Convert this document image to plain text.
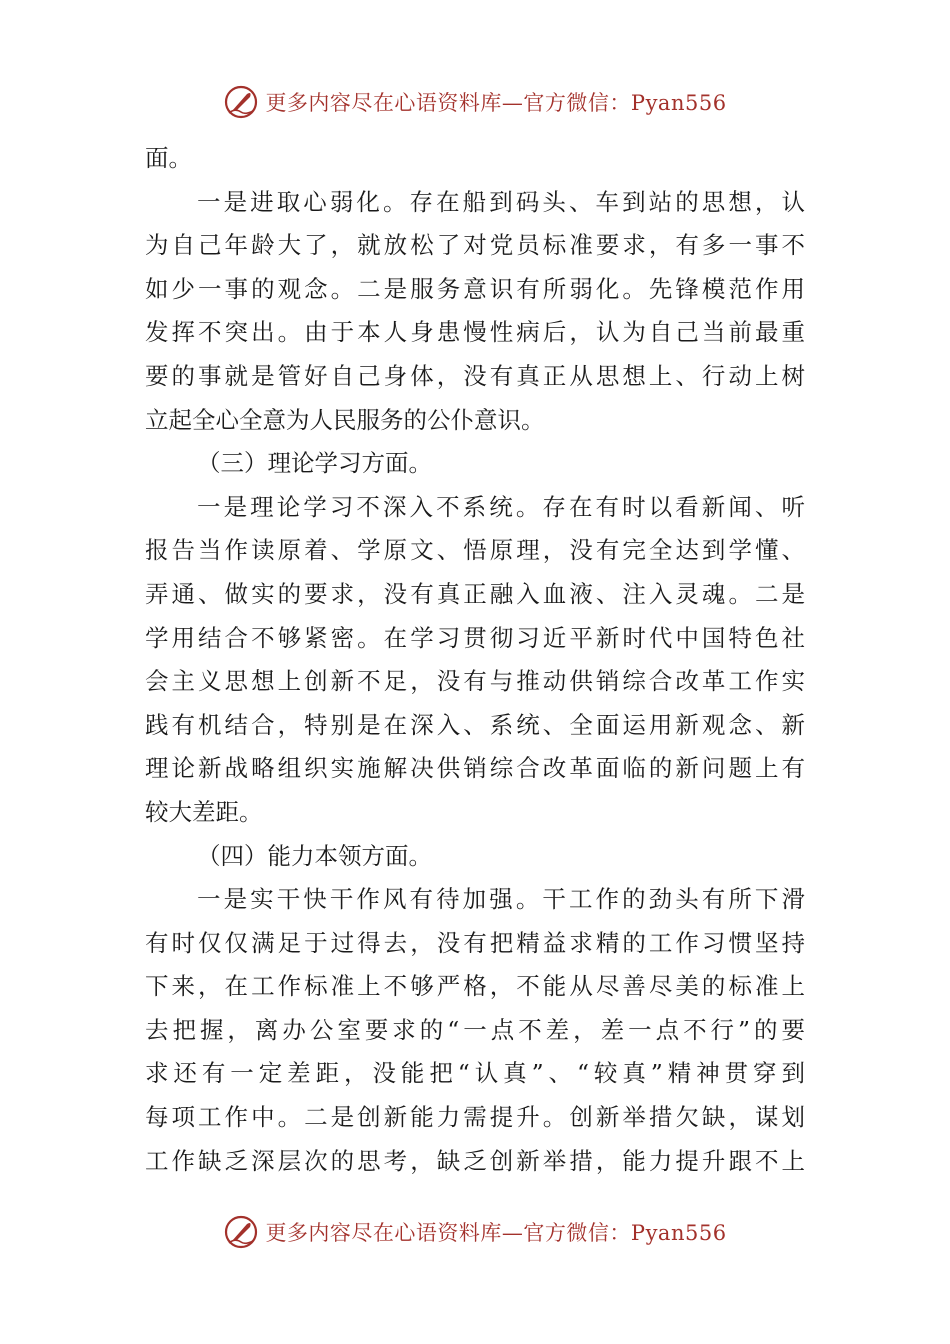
更多内容尽在心语资料库—官方微信：Pyan556
面。
一是进取心弱化。存在船到码头、车到站的思想，认
为自己年龄大了，就放松了对党员标准要求，有多一事不
如少一事的观念。二是服务意识有所弱化。先锋模范作用
发挥不突出。由于本人身患慢性病后，认为自己当前最重
要的事就是管好自己身体，没有真正从思想上、行动上树
立起全心全意为人民服务的公仆意识。
（三）理论学习方面。
一是理论学习不深入不系统。存在有时以看新闻、听
报告当作读原着、学原文、悟原理，没有完全达到学懂、
弄通、做实的要求，没有真正融入血液、注入灵魂。二是
学用结合不够紧密。在学习贯彻习近平新时代中国特色社
会主义思想上创新不足，没有与推动供销综合改革工作实
践有机结合，特别是在深入、系统、全面运用新观念、新
理论新战略组织实施解决供销综合改革面临的新问题上有
较大差距。
（四）能力本领方面。
一是实干快干作风有待加强。干工作的劲头有所下滑
有时仅仅满足于过得去，没有把精益求精的工作习惯坚持
下来，在工作标准上不够严格，不能从尽善尽美的标准上
去把握，离办公室要求的“一点不差，差一点不行”的要
求还有一定差距，没能把“认真”、“较真”精神贯穿到
每项工作中。二是创新能力需提升。创新举措欠缺，谋划
工作缺乏深层次的思考，缺乏创新举措，能力提升跟不上
更多内容尽在心语资料库—官方微信：Pyan556
